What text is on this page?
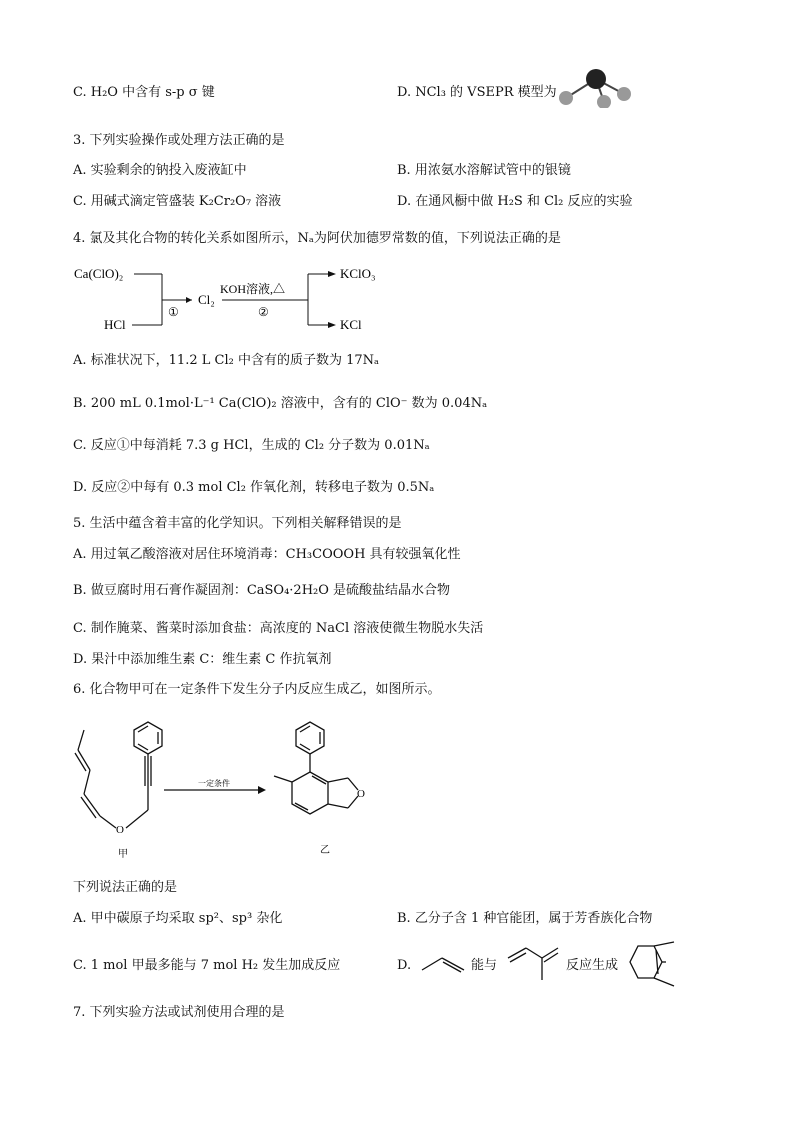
C. H₂O 中含有 s-p σ 键	D. NCl₃ 的 VSEPR 模型为
3. 下列实验操作或处理方法正确的是
A. 实验剩余的钠投入废液缸中	B. 用浓氨水溶解试管中的银镜
C. 用碱式滴定管盛装 K₂Cr₂O₇ 溶液	D. 在通风橱中做 H₂S 和 Cl₂ 反应的实验
4. 氯及其化合物的转化关系如图所示，Nₐ为阿伏加德罗常数的值，下列说法正确的是
Ca(ClO)₂
HCl
①
Cl₂
KOH溶液,△
②
KClO₃
KCl
A. 标准状况下，11.2 L Cl₂ 中含有的质子数为 17Nₐ
B. 200 mL 0.1mol·L⁻¹ Ca(ClO)₂ 溶液中，含有的 ClO⁻ 数为 0.04Nₐ
C. 反应①中每消耗 7.3 g HCl，生成的 Cl₂ 分子数为 0.01Nₐ
D. 反应②中每有 0.3 mol Cl₂ 作氧化剂，转移电子数为 0.5Nₐ
5. 生活中蕴含着丰富的化学知识。下列相关解释错误的是
A. 用过氧乙酸溶液对居住环境消毒：CH₃COOOH 具有较强氧化性
B. 做豆腐时用石膏作凝固剂：CaSO₄·2H₂O 是硫酸盐结晶水合物
C. 制作腌菜、酱菜时添加食盐：高浓度的 NaCl 溶液使微生物脱水失活
D. 果汁中添加维生素 C：维生素 C 作抗氧剂
6. 化合物甲可在一定条件下发生分子内反应生成乙，如图所示。
O
甲
一定条件
O
乙
下列说法正确的是
A. 甲中碳原子均采取 sp²、sp³ 杂化	B. 乙分子含 1 种官能团，属于芳香族化合物
C. 1 mol 甲最多能与 7 mol H₂ 发生加成反应	D.	能与	反应生成
7. 下列实验方法或试剂使用合理的是
